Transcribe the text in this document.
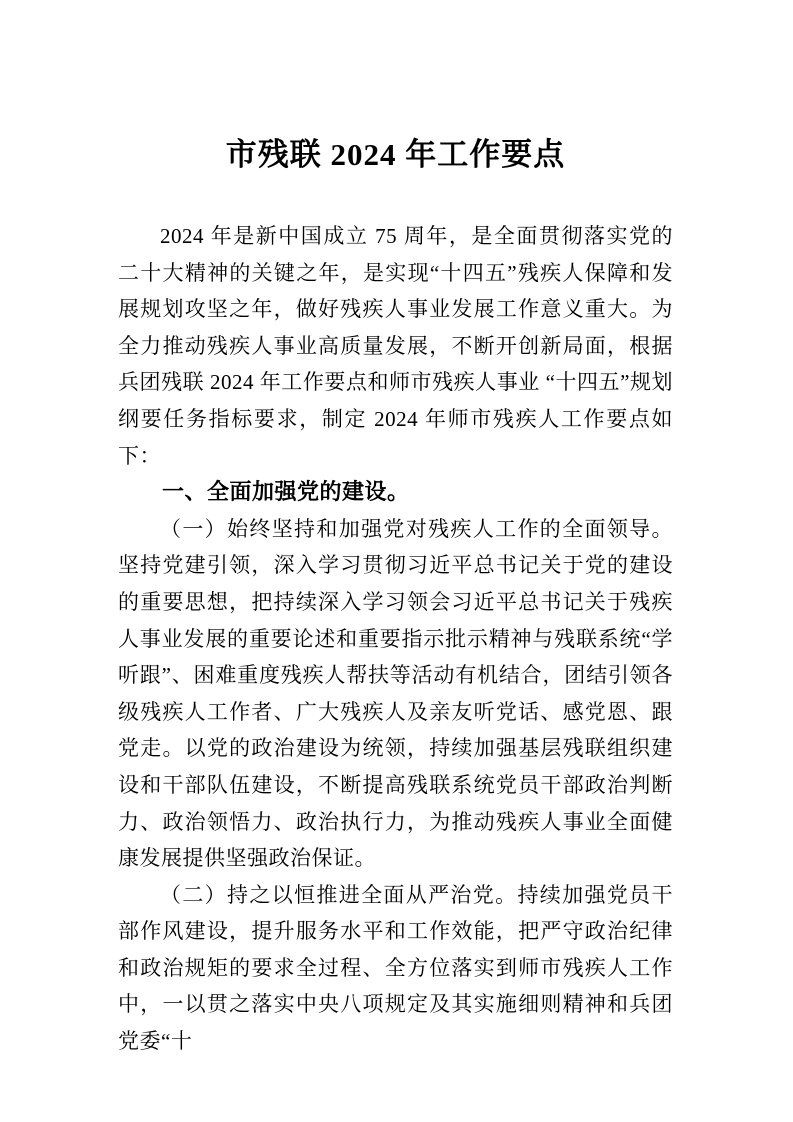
市残联 2024 年工作要点

2024 年是新中国成立 75 周年，是全面贯彻落实党的二十大精神的关键之年，是实现“十四五”残疾人保障和发展规划攻坚之年，做好残疾人事业发展工作意义重大。为全力推动残疾人事业高质量发展，不断开创新局面，根据兵团残联 2024 年工作要点和师市残疾人事业 “十四五”规划纲要任务指标要求，制定 2024 年师市残疾人工作要点如下：

一、全面加强党的建设。

（一）始终坚持和加强党对残疾人工作的全面领导。坚持党建引领，深入学习贯彻习近平总书记关于党的建设的重要思想，把持续深入学习领会习近平总书记关于残疾人事业发展的重要论述和重要指示批示精神与残联系统“学听跟”、困难重度残疾人帮扶等活动有机结合，团结引领各级残疾人工作者、广大残疾人及亲友听党话、感党恩、跟党走。以党的政治建设为统领，持续加强基层残联组织建设和干部队伍建设，不断提高残联系统党员干部政治判断力、政治领悟力、政治执行力，为推动残疾人事业全面健康发展提供坚强政治保证。

（二）持之以恒推进全面从严治党。持续加强党员干部作风建设，提升服务水平和工作效能，把严守政治纪律和政治规矩的要求全过程、全方位落实到师市残疾人工作中，一以贯之落实中央八项规定及其实施细则精神和兵团党委“十
